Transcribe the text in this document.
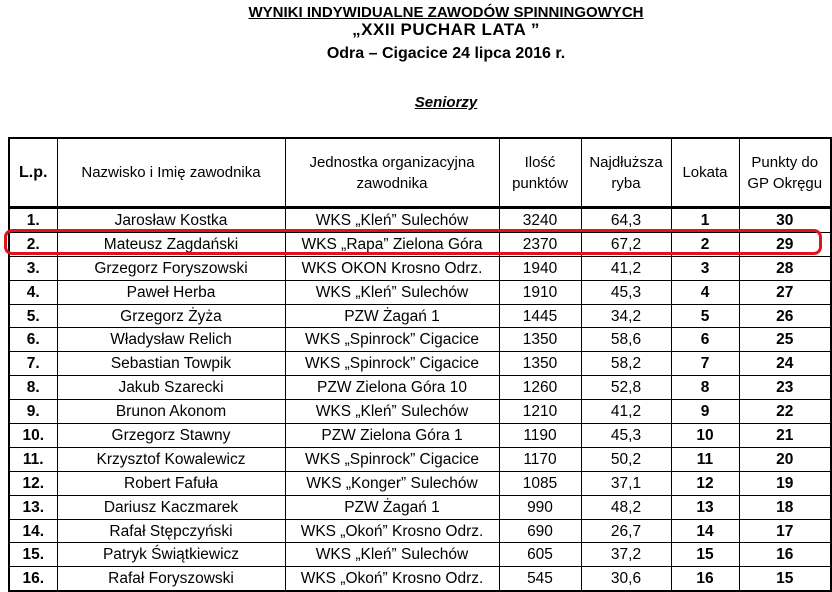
WYNIKI INDYWIDUALNE ZAWODÓW SPINNINGOWYCH
„XXII PUCHAR LATA ”
Odra – Cigacice 24 lipca 2016 r.
Seniorzy
L.p.	Nazwisko i Imię zawodnika	Jednostka organizacyjna zawodnika	Ilość punktów	Najdłuższa ryba	Lokata	Punkty do GP Okręgu
1.	Jarosław Kostka	WKS „Kleń” Sulechów	3240	64,3	1	30
2.	Mateusz Zagdański	WKS „Rapa” Zielona Góra	2370	67,2	2	29
3.	Grzegorz Foryszowski	WKS OKON Krosno Odrz.	1940	41,2	3	28
4.	Paweł Herba	WKS „Kleń” Sulechów	1910	45,3	4	27
5.	Grzegorz Żyża	PZW Żagań 1	1445	34,2	5	26
6.	Władysław Relich	WKS „Spinrock” Cigacice	1350	58,6	6	25
7.	Sebastian Towpik	WKS „Spinrock” Cigacice	1350	58,2	7	24
8.	Jakub Szarecki	PZW Zielona Góra 10	1260	52,8	8	23
9.	Brunon Akonom	WKS „Kleń” Sulechów	1210	41,2	9	22
10.	Grzegorz Stawny	PZW Zielona Góra 1	1190	45,3	10	21
11.	Krzysztof Kowalewicz	WKS „Spinrock” Cigacice	1170	50,2	11	20
12.	Robert Fafuła	WKS „Konger” Sulechów	1085	37,1	12	19
13.	Dariusz Kaczmarek	PZW Żagań 1	990	48,2	13	18
14.	Rafał Stępczyński	WKS „Okoń” Krosno Odrz.	690	26,7	14	17
15.	Patryk Świątkiewicz	WKS „Kleń” Sulechów	605	37,2	15	16
16.	Rafał Foryszowski	WKS „Okoń” Krosno Odrz.	545	30,6	16	15
